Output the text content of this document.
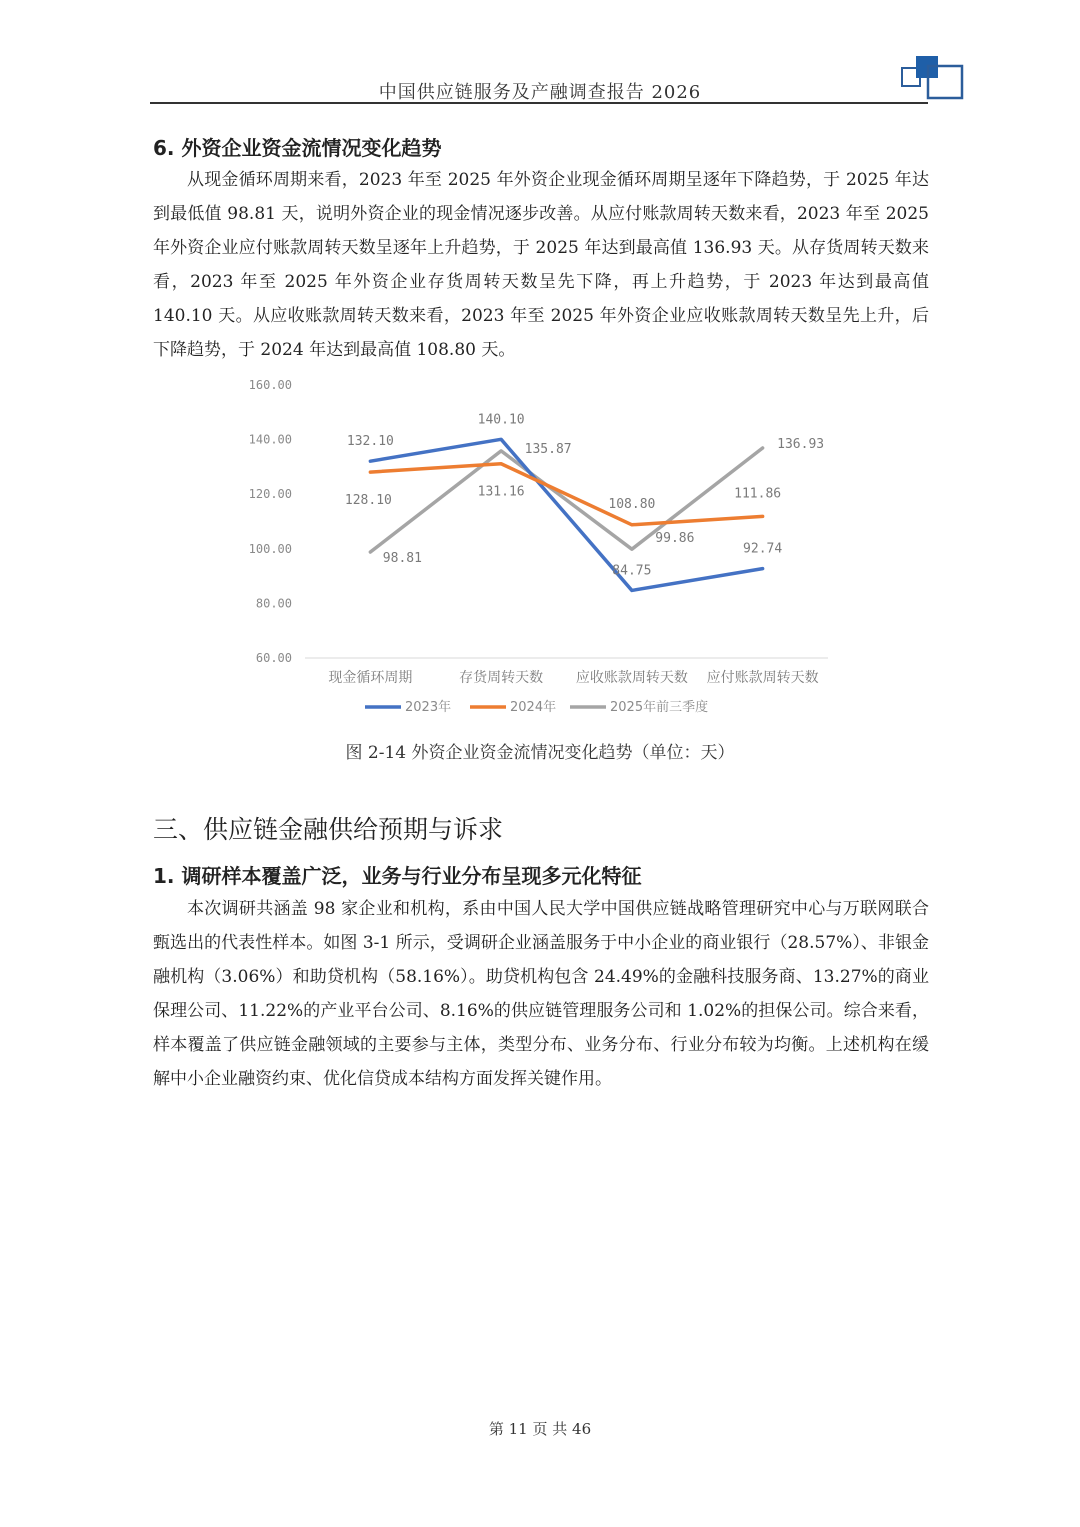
中国供应链服务及产融调查报告 2026
6. 外资企业资金流情况变化趋势

从现金循环周期来看，2023 年至 2025 年外资企业现金循环周期呈逐年下降趋势，于 2025 年达到最低值 98.81 天，说明外资企业的现金情况逐步改善。从应付账款周转天数来看，2023 年至 2025 年外资企业应付账款周转天数呈逐年上升趋势，于 2025 年达到最高值 136.93 天。从存货周转天数来看，2023 年至 2025 年外资企业存货周转天数呈先下降，再上升趋势，于 2023 年达到最高值 140.10 天。从应收账款周转天数来看，2023 年至 2025 年外资企业应收账款周转天数呈先上升，后下降趋势，于 2024 年达到最高值 108.80 天。

60.00
80.00
100.00
120.00
140.00
160.00
现金循环周期	存货周转天数 应收账款周转天数 应付账款周转天数
132.10
140.10
84.75
92.74
128.10
131.16
108.80
111.86
98.81
135.87
99.86
136.93
2023年	2024年	2025年前三季度
图 2-14 外资企业资金流情况变化趋势（单位：天）
三、供应链金融供给预期与诉求
1. 调研样本覆盖广泛，业务与行业分布呈现多元化特征

本次调研共涵盖 98 家企业和机构，系由中国人民大学中国供应链战略管理研究中心与万联网联合甄选出的代表性样本。如图 3-1 所示，受调研企业涵盖服务于中小企业的商业银行（28.57%）、非银金融机构（3.06%）和助贷机构（58.16%）。助贷机构包含 24.49%的金融科技服务商、13.27%的商业保理公司、11.22%的产业平台公司、8.16%的供应链管理服务公司和 1.02%的担保公司。综合来看，样本覆盖了供应链金融领域的主要参与主体，类型分布、业务分布、行业分布较为均衡。上述机构在缓解中小企业融资约束、优化信贷成本结构方面发挥关键作用。

第 11 页 共 46
